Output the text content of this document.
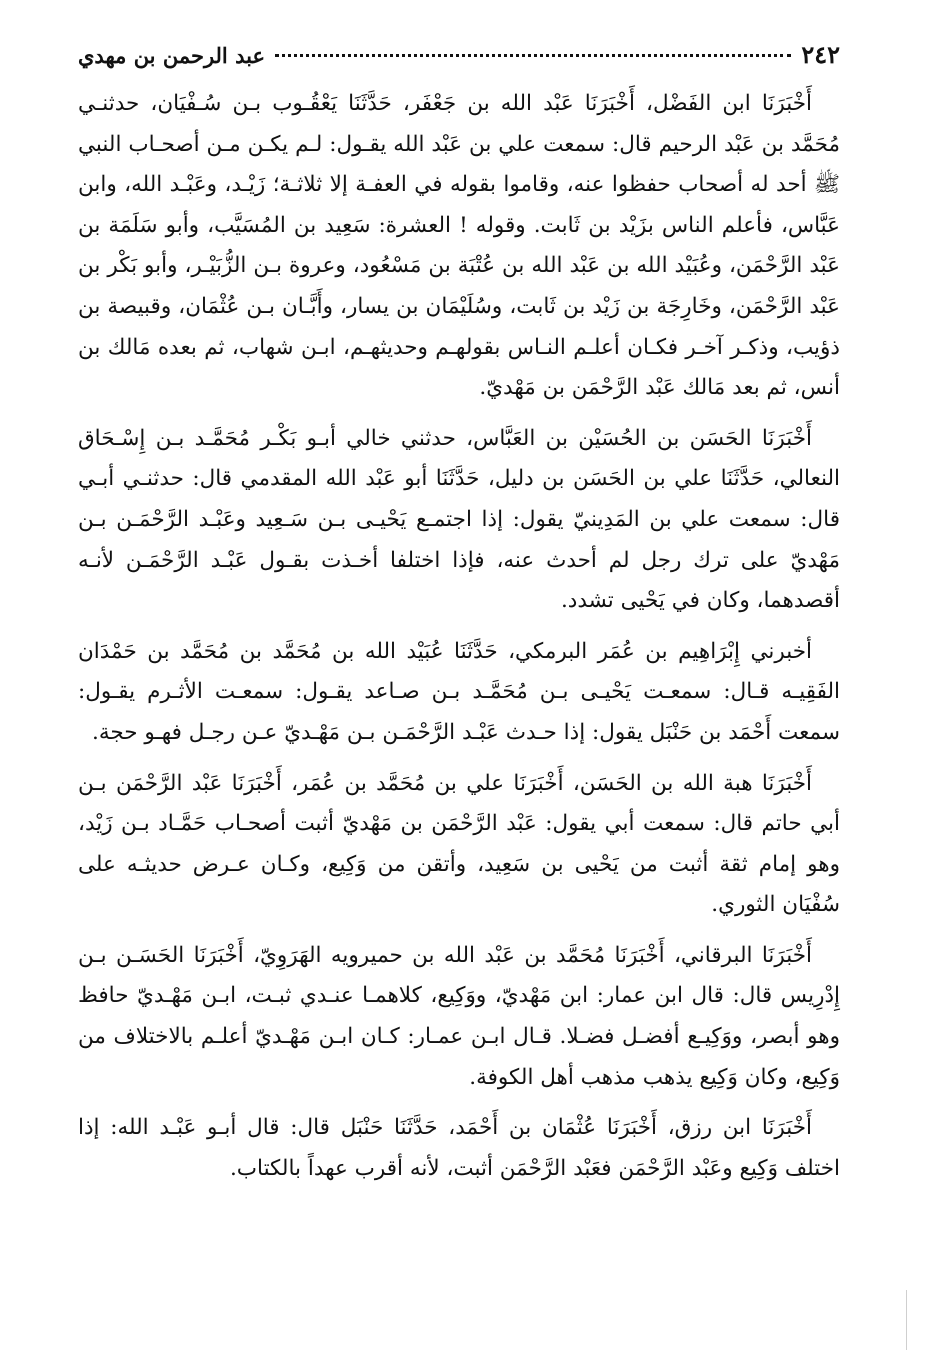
٢٤٢
عبد الرحمن بن مهدي

أَخْبَرَنَا ابن الفَضْل، أَخْبَرَنَا عَبْد الله بن جَعْفَر، حَدَّثَنَا يَعْقُـوب بـن سُـفْيَان، حدثنـي مُحَمَّد بن عَبْد الرحيم قال: سمعت علي بن عَبْد الله يقـول: لـم يكـن مـن أصحـاب النبي ﷺ أحد له أصحاب حفظوا عنه، وقاموا بقوله في العفـة إلا ثلاثـة؛ زَيْـد، وعَبْـد الله، وابن عَبَّاس، فأعلم الناس بزَيْد بن ثَابت. وقوله ! العشرة: سَعِيد بن المُسَيَّب، وأبو سَلَمَة بن عَبْد الرَّحْمَن، وعُبَيْد الله بن عَبْد الله بن عُتْبَة بن مَسْعُود، وعروة بـن الزُّبَيْـر، وأبو بَكْر بن عَبْد الرَّحْمَن، وخَارِجَة بن زَيْد بن ثَابت، وسُلَيْمَان بن يسار، وأَبَّـان بـن عُثْمَان، وقبيصة بن ذؤيب، وذكـر آخـر فكـان أعلـم النـاس بقولهـم وحديثهـم، ابـن شهاب، ثم بعده مَالك بن أنس، ثم بعد مَالك عَبْد الرَّحْمَن بن مَهْديّ.

أَخْبَرَنَا الحَسَن بن الحُسَيْن بن العَبَّاس، حدثني خالي أبـو بَكْـر مُحَمَّـد بـن إِسْـحَاق النعالي، حَدَّثَنَا علي بن الحَسَن بن دليل، حَدَّثَنَا أبو عَبْد الله المقدمي قال: حدثنـي أبـي قال: سمعت علي بن المَدِينيّ يقول: إذا اجتمـع يَحْيـى بـن سَـعِيد وعَبْـد الرَّحْمَـن بـن مَهْديّ على ترك رجل لم أحدث عنه، فإذا اختلفا أخـذت بقـول عَبْـد الرَّحْمَـن لأنـه أقصدهما، وكان في يَحْيى تشدد.

أخبرني إِبْرَاهِيم بن عُمَر البرمكي، حَدَّثَنَا عُبَيْد الله بن مُحَمَّد بن مُحَمَّد بن حَمْدَان الفَقِيـه قـال: سمعـت يَحْيـى بـن مُحَمَّـد بـن صـاعد يقـول: سمعـت الأثـرم يقـول: سمعت أَحْمَد بن حَنْبَل يقول: إذا حـدث عَبْـد الرَّحْمَـن بـن مَهْـديّ عـن رجـل فهـو حجة.

أَخْبَرَنَا هبة الله بن الحَسَن، أَخْبَرَنَا علي بن مُحَمَّد بن عُمَر، أَخْبَرَنَا عَبْد الرَّحْمَن بـن أبي حاتم قال: سمعت أبي يقول: عَبْد الرَّحْمَن بن مَهْديّ أثبت أصحـاب حَمَّـاد بـن زَيْد، وهو إمام ثقة أثبت من يَحْيى بن سَعِيد، وأتقن من وَكِيع، وكـان عـرض حديثـه على سُفْيَان الثوري.

أَخْبَرَنَا البرقاني، أَخْبَرَنَا مُحَمَّد بن عَبْد الله بن حميرويه الهَرَوِيّ، أَخْبَرَنَا الحَسَـن بـن إِدْرِيس قال: قال ابن عمار: ابن مَهْديّ، ووَكِيع، كلاهمـا عنـدي ثبـت، ابـن مَهْـديّ حافظ وهو أبصر، ووَكِيـع أفضـل فضـلا. قـال ابـن عمـار: كـان ابـن مَهْـديّ أعلـم بالاختلاف من وَكِيع، وكان وَكِيع يذهب مذهب أهل الكوفة.

أَخْبَرَنَا ابن رزق، أَخْبَرَنَا عُثْمَان بن أَحْمَد، حَدَّثَنَا حَنْبَل قال: قال أبـو عَبْـد الله: إذا اختلف وَكِيع وعَبْد الرَّحْمَن فعَبْد الرَّحْمَن أثبت، لأنه أقرب عهداً بالكتاب.
